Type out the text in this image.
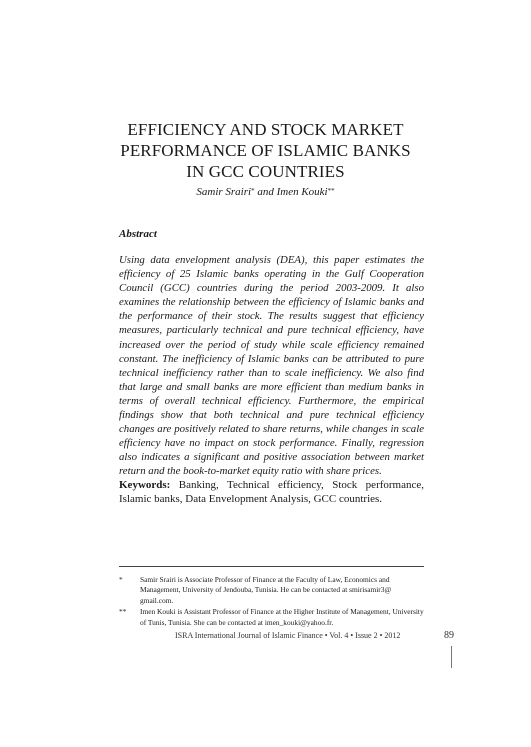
EFFICIENCY AND STOCK MARKET
PERFORMANCE OF ISLAMIC BANKS
IN GCC COUNTRIES
Samir Srairi* and Imen Kouki**
Abstract

Using data envelopment analysis (DEA), this paper estimates the efficiency of 25 Islamic banks operating in the Gulf Cooperation Council (GCC) countries during the period 2003-2009. It also examines the relationship between the efficiency of Islamic banks and the performance of their stock. The results suggest that efficiency measures, particularly technical and pure technical efficiency, have increased over the period of study while scale efficiency remained constant. The inefficiency of Islamic banks can be attributed to pure technical inefficiency rather than to scale inefficiency. We also find that large and small banks are more efficient than medium banks in terms of overall technical efficiency. Furthermore, the empirical findings show that both technical and pure technical efficiency changes are positively related to share returns, while changes in scale efficiency have no impact on stock performance. Finally, regression also indicates a significant and positive association between market return and the book-to-market equity ratio with share prices.

Keywords: Banking, Technical efficiency, Stock performance, Islamic banks, Data Envelopment Analysis, GCC countries.

*	Samir Srairi is Associate Professor of Finance at the Faculty of Law, Economics and Management, University of Jendouba, Tunisia. He can be contacted at smirisamir3@ gmail.com.
**	Imen Kouki is Assistant Professor of Finance at the Higher Institute of Management, University of Tunis, Tunisia. She can be contacted at imen_kouki@yahoo.fr.
ISRA International Journal of Islamic Finance • Vol. 4 • Issue 2 • 2012	89
